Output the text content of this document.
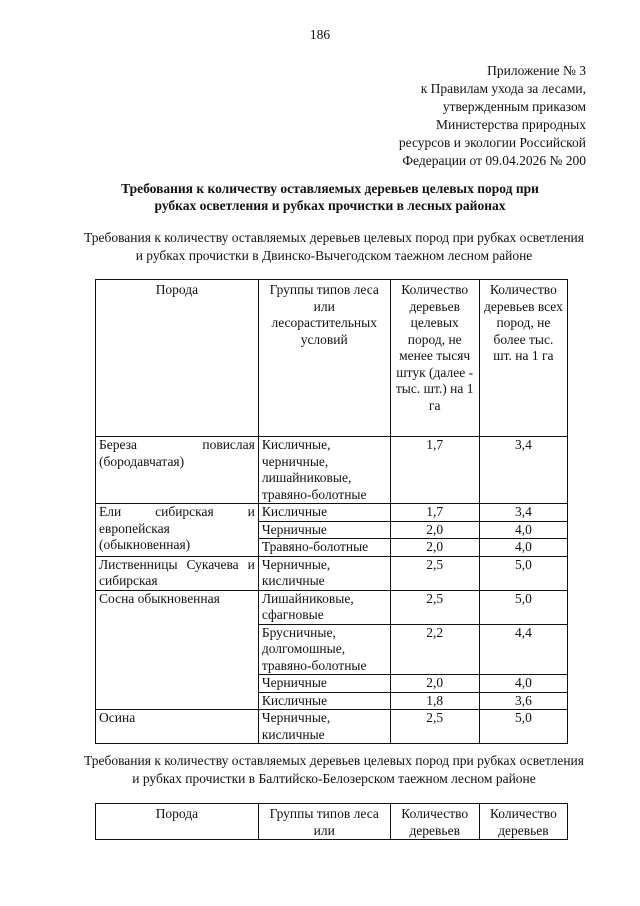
186
Приложение № 3
к Правилам ухода за лесами,
утвержденным приказом
Министерства природных
ресурсов и экологии Российской
Федерации от 09.04.2026 № 200
Требования к количеству оставляемых деревьев целевых пород при
рубках осветления и рубках прочистки в лесных районах
Требования к количеству оставляемых деревьев целевых пород при рубках осветления и рубках прочистки в Двинско-Вычегодском таежном лесном районе
Порода	Группы типов леса или лесорастительных условий	Количество деревьев целевых пород, не менее тысяч штук (далее - тыс. шт.) на 1 га	Количество деревьев всех пород, не более тыс. шт. на 1 га
Береза повислая (бородавчатая)	Кисличные, черничные, лишайниковые, травяно-болотные	1,7	3,4
Ели сибирская и европейская (обыкновенная)	Кисличные	1,7	3,4
	Черничные	2,0	4,0
	Травяно-болотные	2,0	4,0
Лиственницы Сукачева и сибирская	Черничные, кисличные	2,5	5,0
Сосна обыкновенная	Лишайниковые, сфагновые	2,5	5,0
	Брусничные, долгомошные, травяно-болотные	2,2	4,4
	Черничные	2,0	4,0
	Кисличные	1,8	3,6
Осина	Черничные, кисличные	2,5	5,0
Требования к количеству оставляемых деревьев целевых пород при рубках осветления и рубках прочистки в Балтийско-Белозерском таежном лесном районе
Порода	Группы типов леса или	Количество деревьев	Количество деревьев
